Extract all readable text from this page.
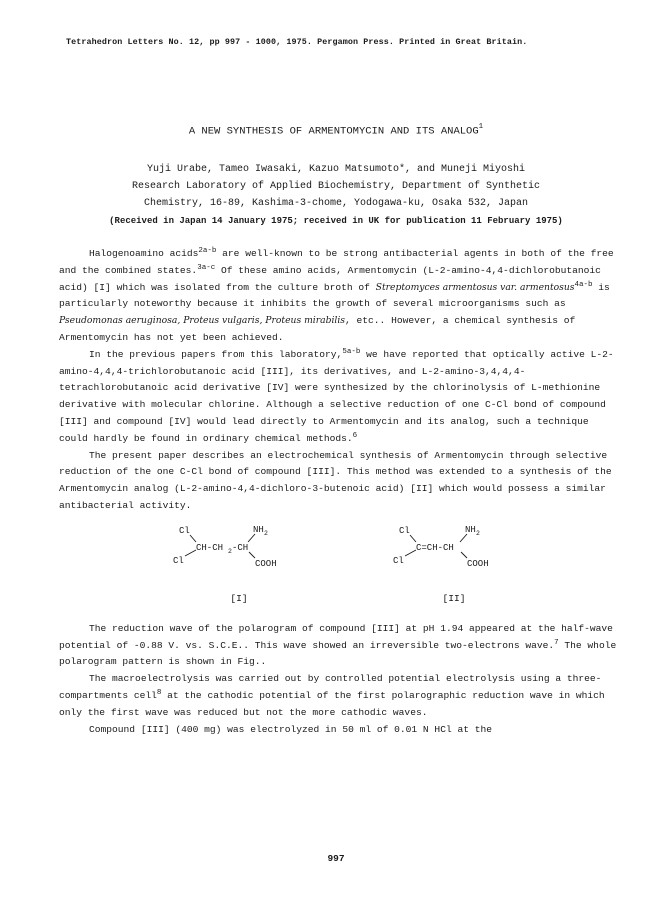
Tetrahedron Letters No. 12, pp 997 - 1000, 1975. Pergamon Press. Printed in Great Britain.
A NEW SYNTHESIS OF ARMENTOMYCIN AND ITS ANALOG$^1$
Yuji Urabe, Tameo Iwasaki, Kazuo Matsumoto*, and Muneji Miyoshi
Research Laboratory of Applied Biochemistry, Department of Synthetic
Chemistry, 16-89, Kashima-3-chome, Yodogawa-ku, Osaka 532, Japan
(Received in Japan 14 January 1975; received in UK for publication 11 February 1975)

Halogenoamino acids$^{2a-b}$ are well-known to be strong antibacterial agents in both of the free and the combined states.$^{3a-c}$ Of these amino acids, Armentomycin (L-2-amino-4,4-dichlorobutanoic acid) [I] which was isolated from the culture broth of Streptomyces armentosus var. armentosus$^{4a-b}$ is particularly noteworthy because it inhibits the growth of several microorganisms such as Pseudomonas aeruginosa, Proteus vulgaris, Proteus mirabilis, etc.. However, a chemical synthesis of Armentomycin has not yet been achieved.

In the previous papers from this laboratory,$^{5a-b}$ we have reported that optically active L-2-amino-4,4,4-trichlorobutanoic acid [III], its derivatives, and L-2-amino-3,4,4,4-tetrachlorobutanoic acid derivative [IV] were synthesized by the chlorinolysis of L-methionine derivative with molecular chlorine. Although a selective reduction of one C-Cl bond of compound [III] and compound [IV] would lead directly to Armentomycin and its analog, such a technique could hardly be found in ordinary chemical methods.$^6$

The present paper describes an electrochemical synthesis of Armentomycin through selective reduction of the one C-Cl bond of compound [III]. This method was extended to a synthesis of the Armentomycin analog (L-2-amino-4,4-dichloro-3-butenoic acid) [II] which would possess a similar antibacterial activity.

Cl
Cl
CH-CH 2 -CH
NH 2
COOH
[I]
Cl
Cl
C=CH-CH
NH 2
COOH
[II]

The reduction wave of the polarogram of compound [III] at pH 1.94 appeared at the half-wave potential of -0.88 V. vs. S.C.E.. This wave showed an irreversible two-electrons wave.$^7$ The whole polarogram pattern is shown in Fig..

The macroelectrolysis was carried out by controlled potential electrolysis using a three-compartments cell$^8$ at the cathodic potential of the first polarographic reduction wave in which only the first wave was reduced but not the more cathodic waves.

Compound [III] (400 mg) was electrolyzed in 50 ml of 0.01 N HCl at the

997
